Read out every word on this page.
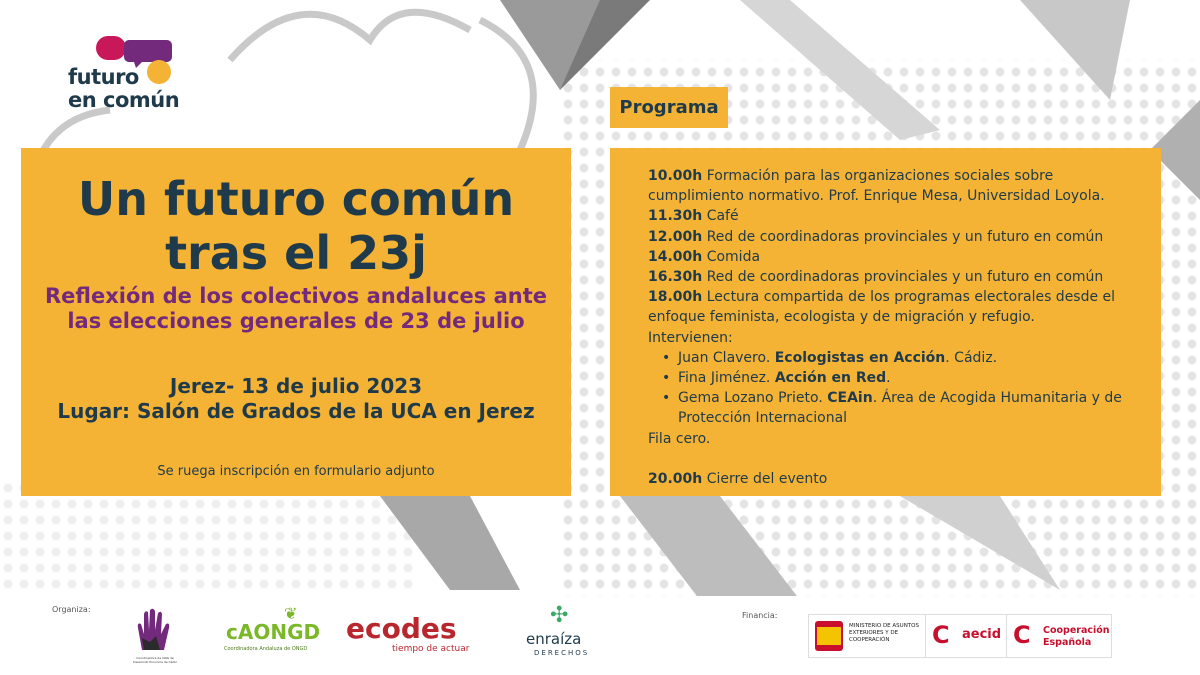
futuro
en común
Un futuro común
tras el 23j
Reflexión de los colectivos andaluces ante
las elecciones generales de 23 de julio
Jerez- 13 de julio 2023
Lugar: Salón de Grados de la UCA en Jerez
Se ruega inscripción en formulario adjunto
Programa
10.00h Formación para las organizaciones sociales sobre
cumplimiento normativo. Prof. Enrique Mesa, Universidad Loyola.
11.30h Café
12.00h Red de coordinadoras provinciales y un futuro en común
14.00h Comida
16.30h Red de coordinadoras provinciales y un futuro en común
18.00h Lectura compartida de los programas electorales desde el
enfoque feminista, ecologista y de migración y refugio.
Intervienen:
• Juan Clavero. Ecologistas en Acción. Cádiz.
• Fina Jiménez. Acción en Red.
• Gema Lozano Prieto. CEAin. Área de Acogida Humanitaria y de
Protección Internacional
Fila cero.

20.00h Cierre del evento
Organiza:
Financia:
Coordinadora de ONG de Desarrollo Provincia de Cádiz
❦
cAONGD
Coordinadora Andaluza de ONGD
ecodes
tiempo de actuar
✣
enraíza
DERECHOS
MINISTERIO DE ASUNTOS EXTERIORES Y DE COOPERACIÓN	C aecid C Cooperación
Española
